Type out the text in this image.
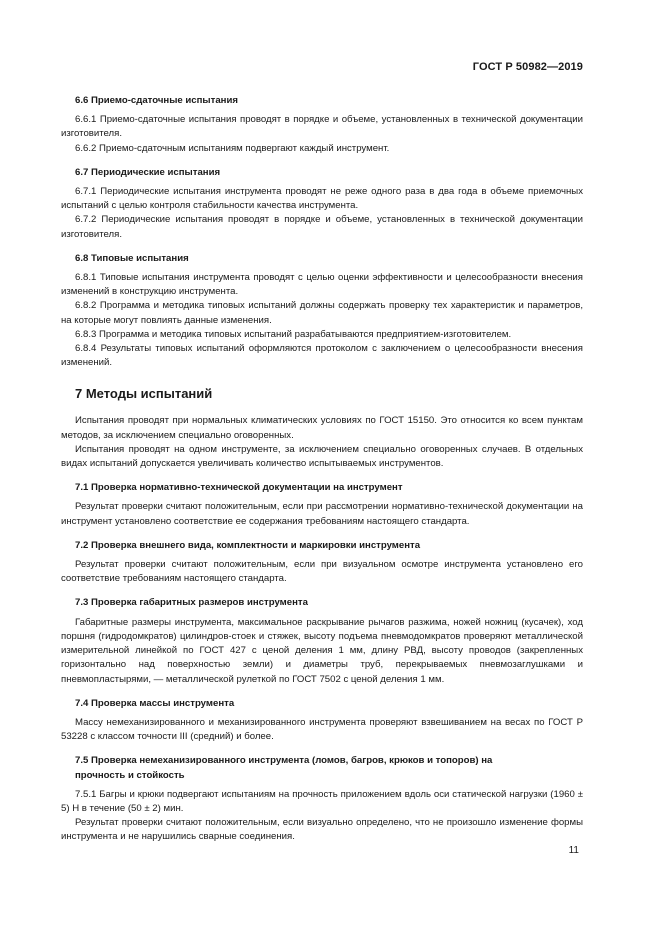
ГОСТ Р 50982—2019
6.6 Приемо-сдаточные испытания
6.6.1 Приемо-сдаточные испытания проводят в порядке и объеме, установленных в технической документации изготовителя.
6.6.2 Приемо-сдаточным испытаниям подвергают каждый инструмент.
6.7 Периодические испытания
6.7.1 Периодические испытания инструмента проводят не реже одного раза в два года в объеме приемочных испытаний с целью контроля стабильности качества инструмента.
6.7.2 Периодические испытания проводят в порядке и объеме, установленных в технической документации изготовителя.
6.8 Типовые испытания
6.8.1 Типовые испытания инструмента проводят с целью оценки эффективности и целесообразности внесения изменений в конструкцию инструмента.
6.8.2 Программа и методика типовых испытаний должны содержать проверку тех характеристик и параметров, на которые могут повлиять данные изменения.
6.8.3 Программа и методика типовых испытаний разрабатываются предприятием-изготовителем.
6.8.4 Результаты типовых испытаний оформляются протоколом с заключением о целесообразности внесения изменений.
7 Методы испытаний
Испытания проводят при нормальных климатических условиях по ГОСТ 15150. Это относится ко всем пунктам методов, за исключением специально оговоренных.
Испытания проводят на одном инструменте, за исключением специально оговоренных случаев. В отдельных видах испытаний допускается увеличивать количество испытываемых инструментов.
7.1 Проверка нормативно-технической документации на инструмент
Результат проверки считают положительным, если при рассмотрении нормативно-технической документации на инструмент установлено соответствие ее содержания требованиям настоящего стандарта.
7.2 Проверка внешнего вида, комплектности и маркировки инструмента
Результат проверки считают положительным, если при визуальном осмотре инструмента установлено его соответствие требованиям настоящего стандарта.
7.3 Проверка габаритных размеров инструмента
Габаритные размеры инструмента, максимальное раскрывание рычагов разжима, ножей ножниц (кусачек), ход поршня (гидродомкратов) цилиндров-стоек и стяжек, высоту подъема пневмодомкратов проверяют металлической измерительной линейкой по ГОСТ 427 с ценой деления 1 мм, длину РВД, высоту проводов (закрепленных горизонтально над поверхностью земли) и диаметры труб, перекрываемых пневмозаглушками и пневмопластырями, — металлической рулеткой по ГОСТ 7502 с ценой деления 1 мм.
7.4 Проверка массы инструмента
Массу немеханизированного и механизированного инструмента проверяют взвешиванием на весах по ГОСТ Р 53228 с классом точности III (средний) и более.
7.5 Проверка немеханизированного инструмента (ломов, багров, крюков и топоров) на прочность и стойкость
7.5.1 Багры и крюки подвергают испытаниям на прочность приложением вдоль оси статической нагрузки (1960 ± 5) Н в течение (50 ± 2) мин.
Результат проверки считают положительным, если визуально определено, что не произошло изменение формы инструмента и не нарушились сварные соединения.
11
